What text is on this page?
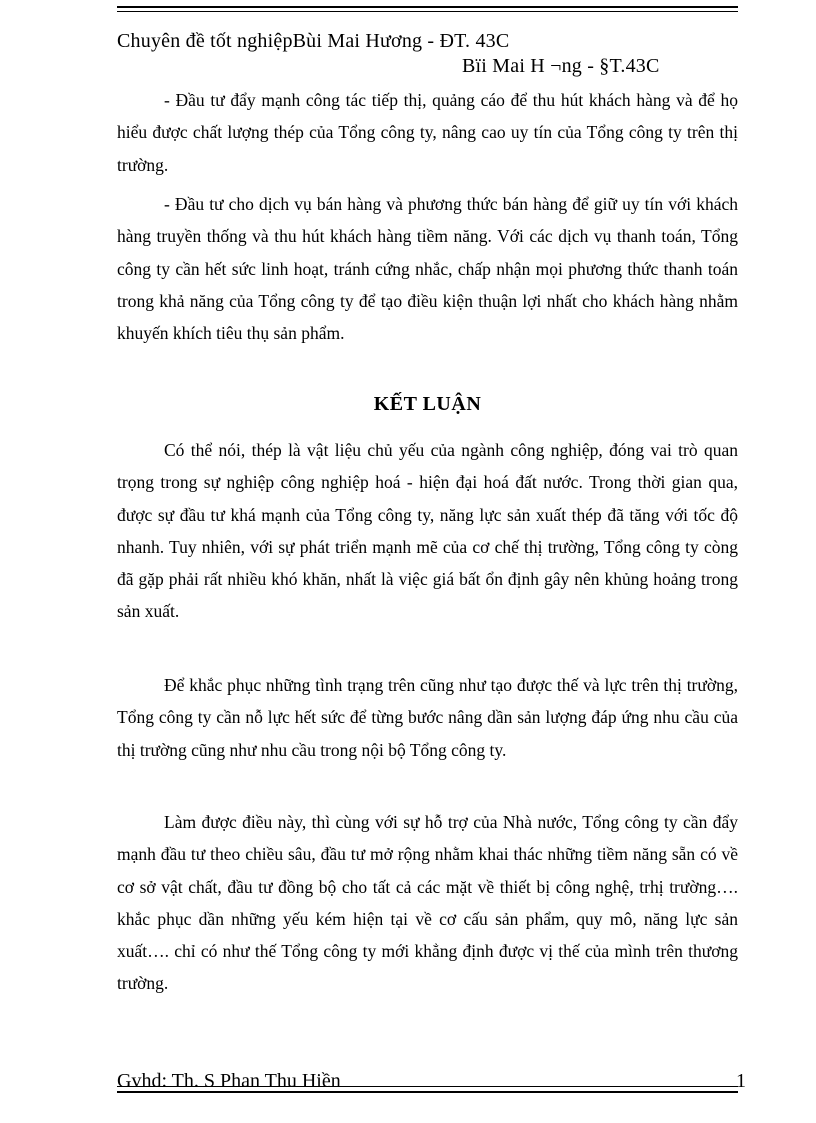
Chuyên đề tốt nghiệpBùi Mai Hương - ĐT. 43C
Bïi Mai H ¬ng - §T.43C

- Đầu tư đẩy mạnh công tác tiếp thị, quảng cáo để thu hút khách hàng và để họ hiểu được chất lượng thép của Tổng công ty, nâng cao uy tín của Tổng công ty trên thị trường.

- Đầu tư cho dịch vụ bán hàng và phương thức bán hàng để giữ uy tín với khách hàng truyền thống và thu hút khách hàng tiềm năng. Với các dịch vụ thanh toán, Tổng công ty cần hết sức linh hoạt, tránh cứng nhắc, chấp nhận mọi phương thức thanh toán trong khả năng của Tổng công ty để tạo điều kiện thuận lợi nhất cho khách hàng nhằm khuyến khích tiêu thụ sản phẩm.

KẾT LUẬN

Có thể nói, thép là vật liệu chủ yếu của ngành công nghiệp, đóng vai trò quan trọng trong sự nghiệp công nghiệp hoá - hiện đại hoá đất nước. Trong thời gian qua, được sự đầu tư khá mạnh của Tổng công ty, năng lực sản xuất thép đã tăng với tốc độ nhanh. Tuy nhiên, với sự phát triển mạnh mẽ của cơ chế thị trường, Tổng công ty còng đã gặp phải rất nhiều khó khăn, nhất là việc giá bất ổn định gây nên khủng hoảng trong sản xuất.

Để khắc phục những tình trạng trên cũng như tạo được thế và lực trên thị trường, Tổng công ty cần nỗ lực hết sức để từng bước nâng dần sản lượng đáp ứng nhu cầu của thị trường cũng như nhu cầu trong nội bộ Tổng công ty.

Làm được điều này, thì cùng với sự hỗ trợ của Nhà nước, Tổng công ty cần đẩy mạnh đầu tư theo chiều sâu, đầu tư mở rộng nhằm khai thác những tiềm năng sẵn có về cơ sở vật chất, đầu tư đồng bộ cho tất cả các mặt về thiết bị công nghệ, trhị trường…. khắc phục dần những yếu kém hiện tại về cơ cấu sản phẩm, quy mô, năng lực sản xuất…. chỉ có như thế Tổng công ty mới khẳng định được vị thế của mình trên thương trường.

Gvhd: Th. S Phan Thu Hiền	1
